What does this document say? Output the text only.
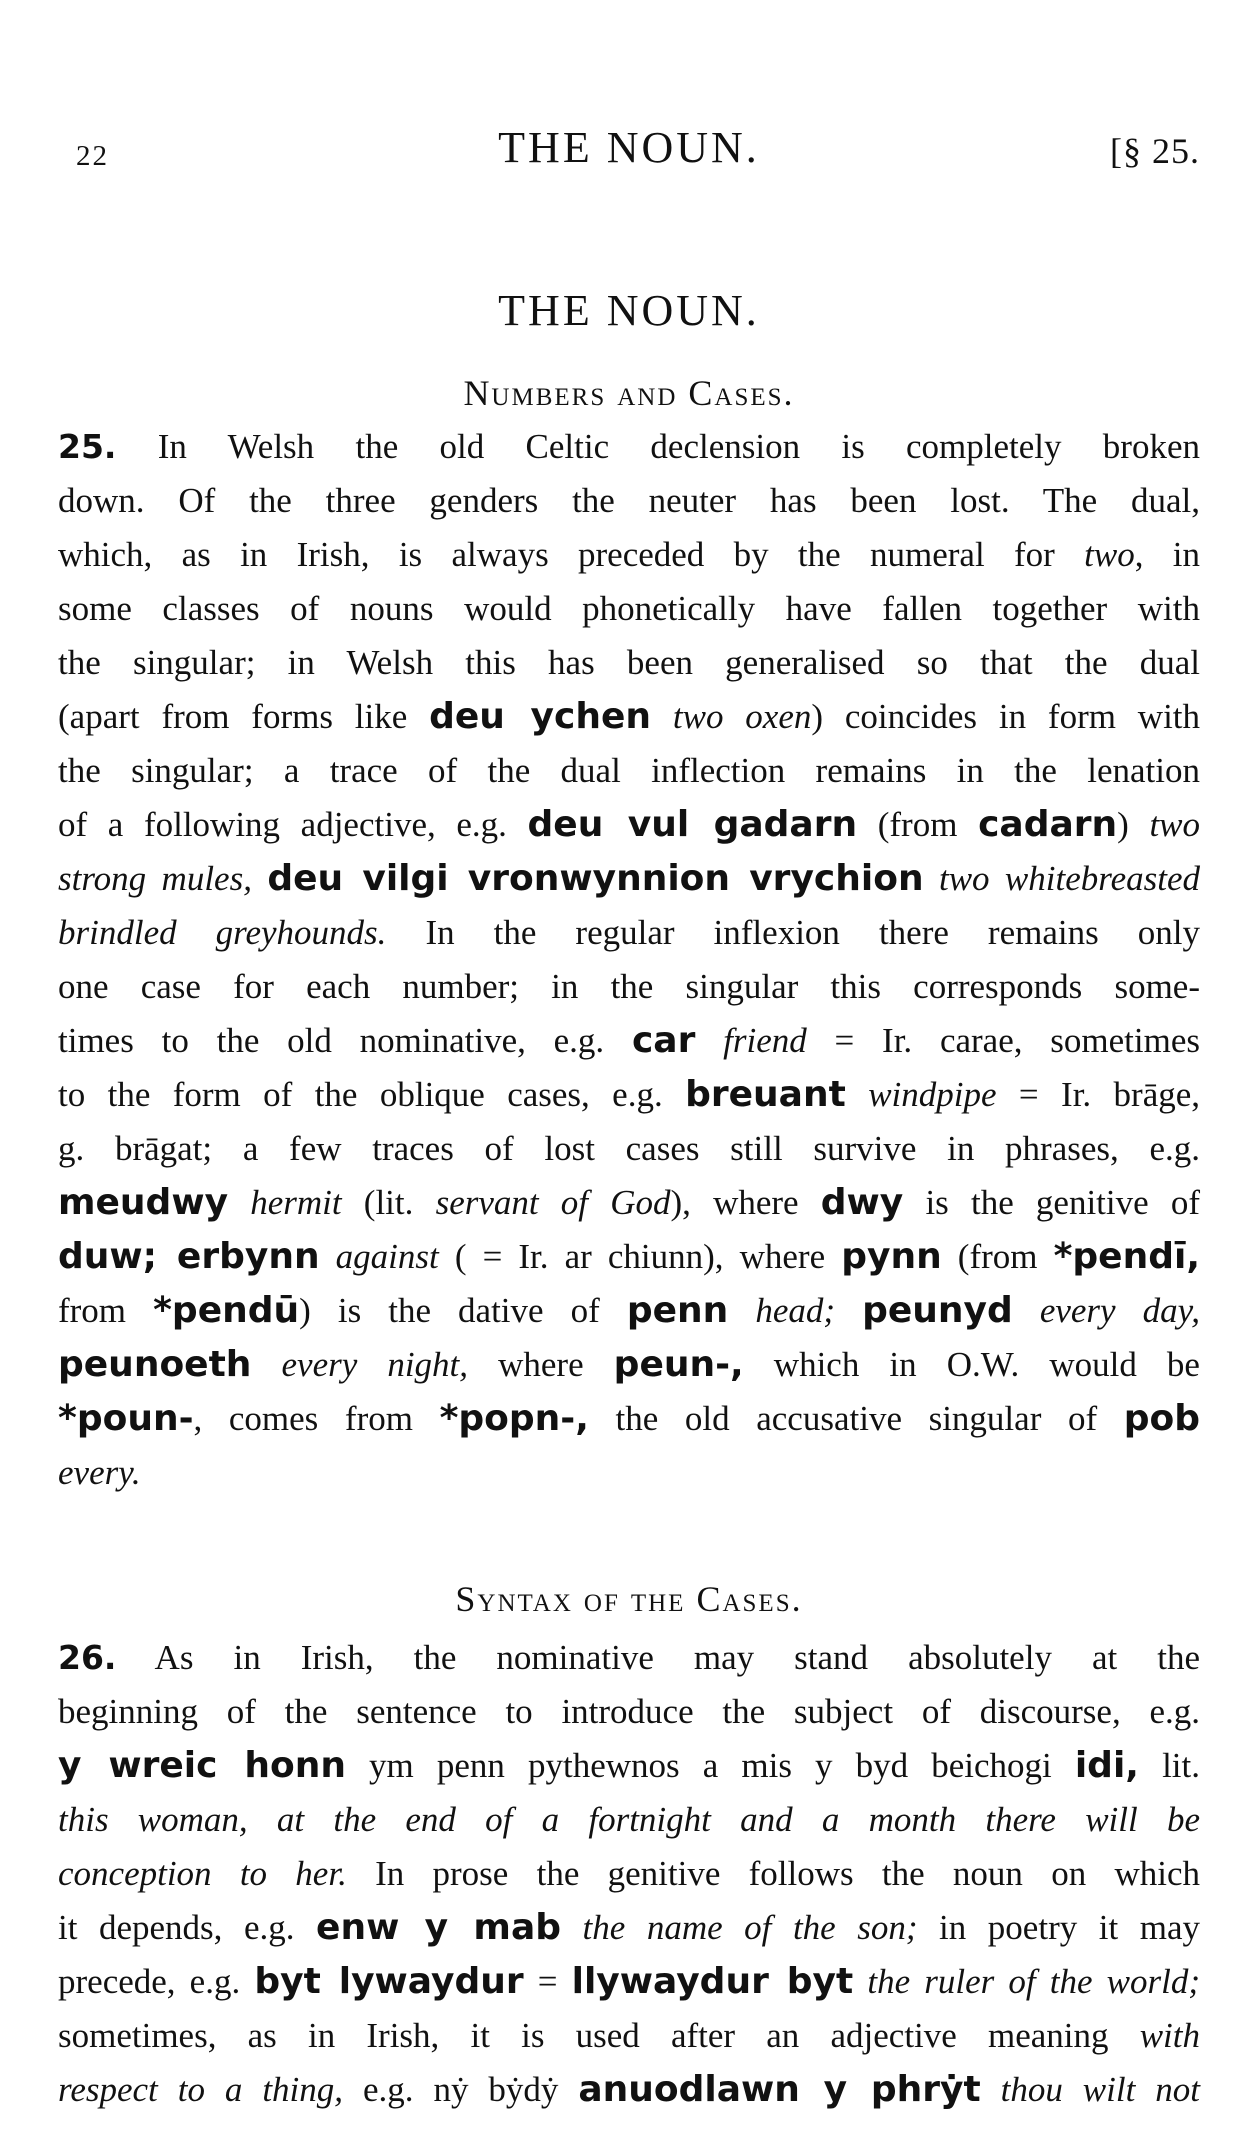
22	THE NOUN.	[§ 25.
THE NOUN.
Numbers and Cases.
25. In Welsh the old Celtic declension is completely broken
down. Of the three genders the neuter has been lost. The dual,
which, as in Irish, is always preceded by the numeral for two, in
some classes of nouns would phonetically have fallen together with
the singular; in Welsh this has been generalised so that the dual
(apart from forms like deu ychen two oxen) coincides in form with
the singular; a trace of the dual inflection remains in the lenation
of a following adjective, e.g. deu vul gadarn (from cadarn) two
strong mules, deu vilgi vronwynnion vrychion two whitebreasted
brindled greyhounds. In the regular inflexion there remains only
one case for each number; in the singular this corresponds some-
times to the old nominative, e.g. car friend = Ir. carae, sometimes
to the form of the oblique cases, e.g. breuant windpipe = Ir. brāge,
g. brāgat; a few traces of lost cases still survive in phrases, e.g.
meudwy hermit (lit. servant of God), where dwy is the genitive of
duw; erbynn against ( = Ir. ar chiunn), where pynn (from *pendī,
from *pendū) is the dative of penn head; peunyd every day,
peunoeth every night, where peun-, which in O.W. would be
*poun-, comes from *popn-, the old accusative singular of pob
every.
Syntax of the Cases.
26. As in Irish, the nominative may stand absolutely at the
beginning of the sentence to introduce the subject of discourse, e.g.
y wreic honn ym penn pythewnos a mis y byd beichogi idi, lit.
this woman, at the end of a fortnight and a month there will be
conception to her. In prose the genitive follows the noun on which
it depends, e.g. enw y mab the name of the son; in poetry it may
precede, e.g. byt lywaydur = llywaydur byt the ruler of the world;
sometimes, as in Irish, it is used after an adjective meaning with
respect to a thing, e.g. nẏ bẏdẏ anuodlawn y phrẏt thou wilt not
